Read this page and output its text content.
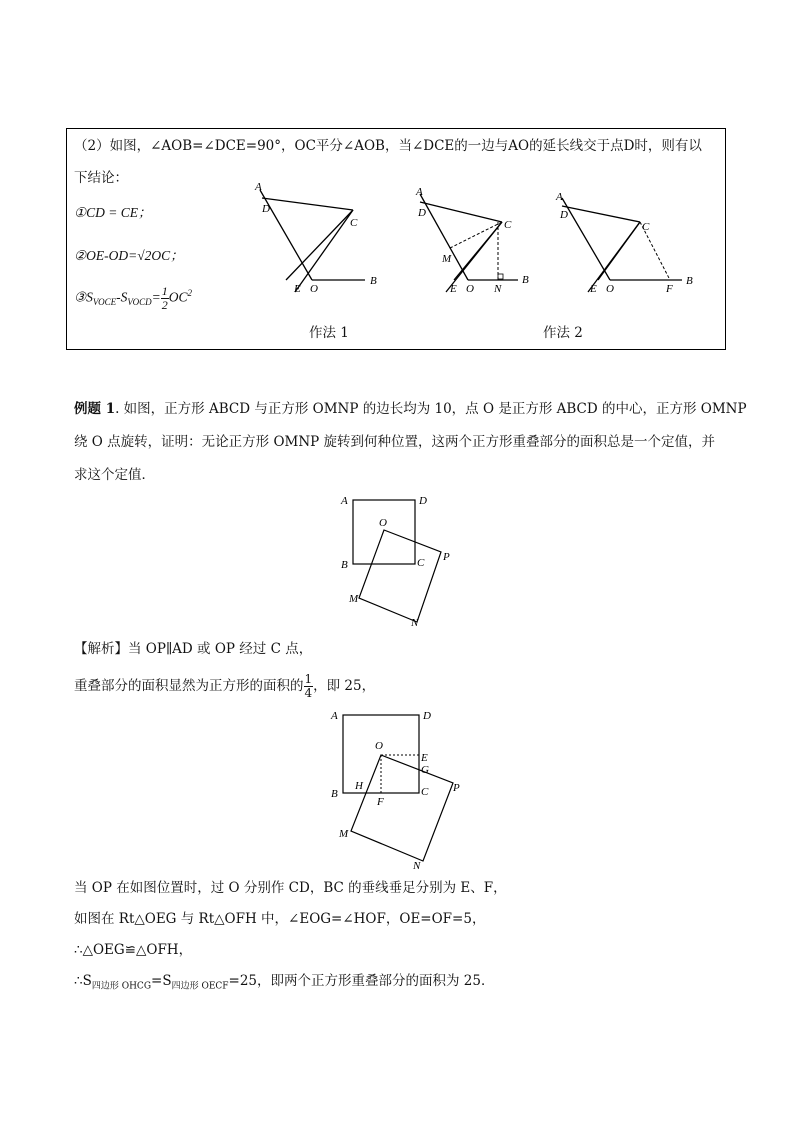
（2）如图，∠AOB=∠DCE=90°，OC平分∠AOB，当∠DCE的一边与AO的延长线交于点D时，则有以
下结论：
①CD = CE；
②OE-OD=√2OC；
$③S_{VOCE}-S_{VOCD}= \frac{1}{2} OC^2$
A
D
C
E O
B
A
D
C
M
E O N
B
A
D
C
E O	F
B
作法 1	作法 2
例题 1. 如图，正方形 ABCD 与正方形 OMNP 的边长均为 10，点 O 是正方形 ABCD 的中心，正方形 OMNP
绕 O 点旋转，证明：无论正方形 OMNP 旋转到何种位置，这两个正方形重叠部分的面积总是一个定值，并
求这个定值．
A	D
O
B	C P
M
N
【解析】当 OP∥AD 或 OP 经过 C 点，
重叠部分的面积显然为正方形的面积的 $\frac{1}{4}$ ，即 25，
A	D
O
E
G
H
B
F
C P
M
N
当 OP 在如图位置时，过 O 分别作 CD，BC 的垂线垂足分别为 E、F，
如图在 Rt△OEG 与 Rt△OFH 中，∠EOG=∠HOF，OE=OF=5，
∴△OEG≌△OFH，
$\therefore S_{四边形 OHCG}=S_{四边形 OECF}=25$，即两个正方形重叠部分的面积为 25．
